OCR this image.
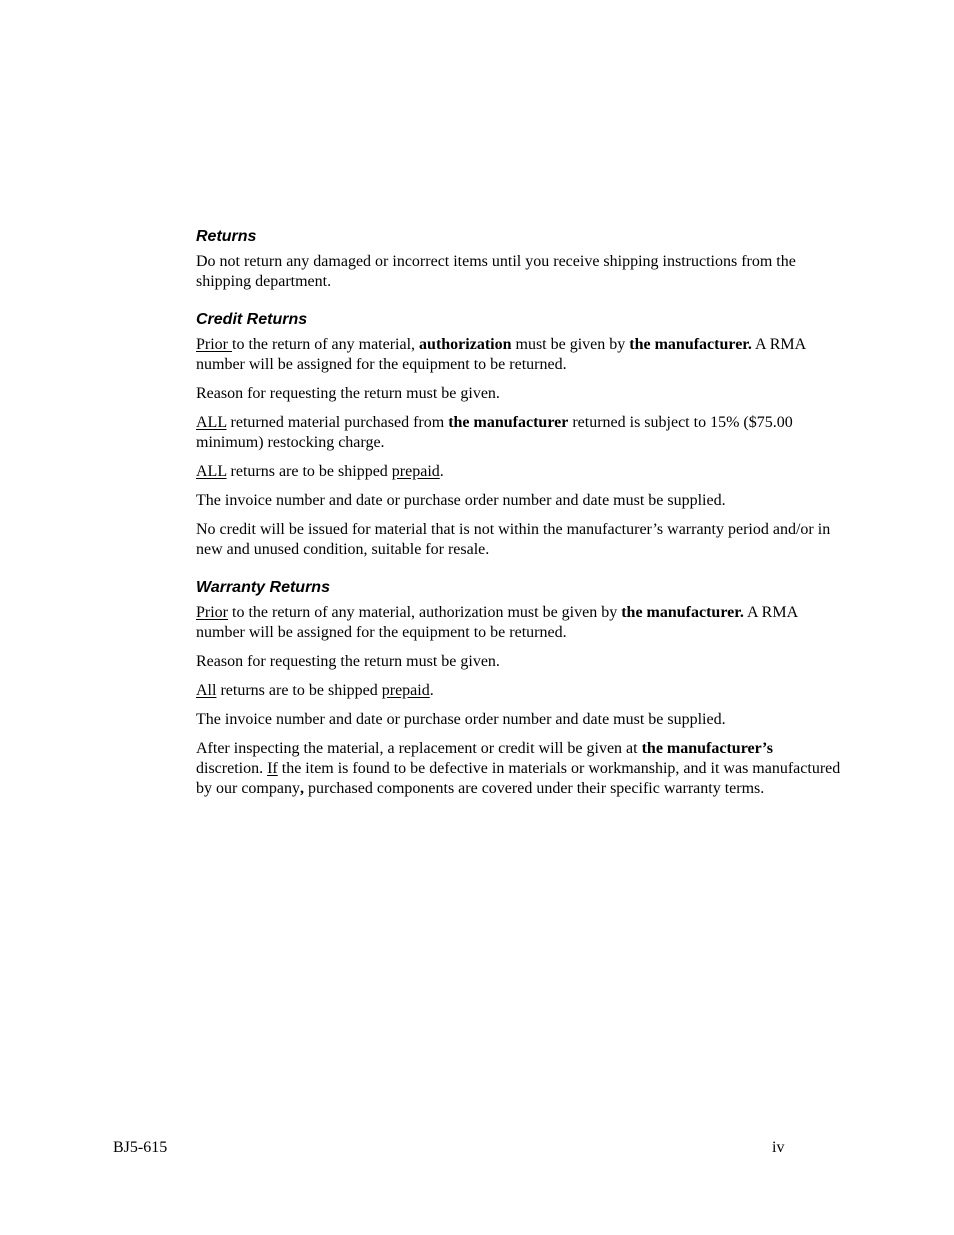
Returns

Do not return any damaged or incorrect items until you receive shipping instructions from the shipping department.

Credit Returns

Prior to the return of any material, authorization must be given by the manufacturer. A RMA number will be assigned for the equipment to be returned.

Reason for requesting the return must be given.

ALL returned material purchased from the manufacturer returned is subject to 15% ($75.00 minimum) restocking charge.

ALL returns are to be shipped prepaid.

The invoice number and date or purchase order number and date must be supplied.

No credit will be issued for material that is not within the manufacturer’s warranty period and/or in new and unused condition, suitable for resale.

Warranty Returns

Prior to the return of any material, authorization must be given by the manufacturer. A RMA number will be assigned for the equipment to be returned.

Reason for requesting the return must be given.

All returns are to be shipped prepaid.

The invoice number and date or purchase order number and date must be supplied.

After inspecting the material, a replacement or credit will be given at the manufacturer’s discretion. If the item is found to be defective in materials or workmanship, and it was manufactured by our company, purchased components are covered under their specific warranty terms.

BJ5-615	iv
